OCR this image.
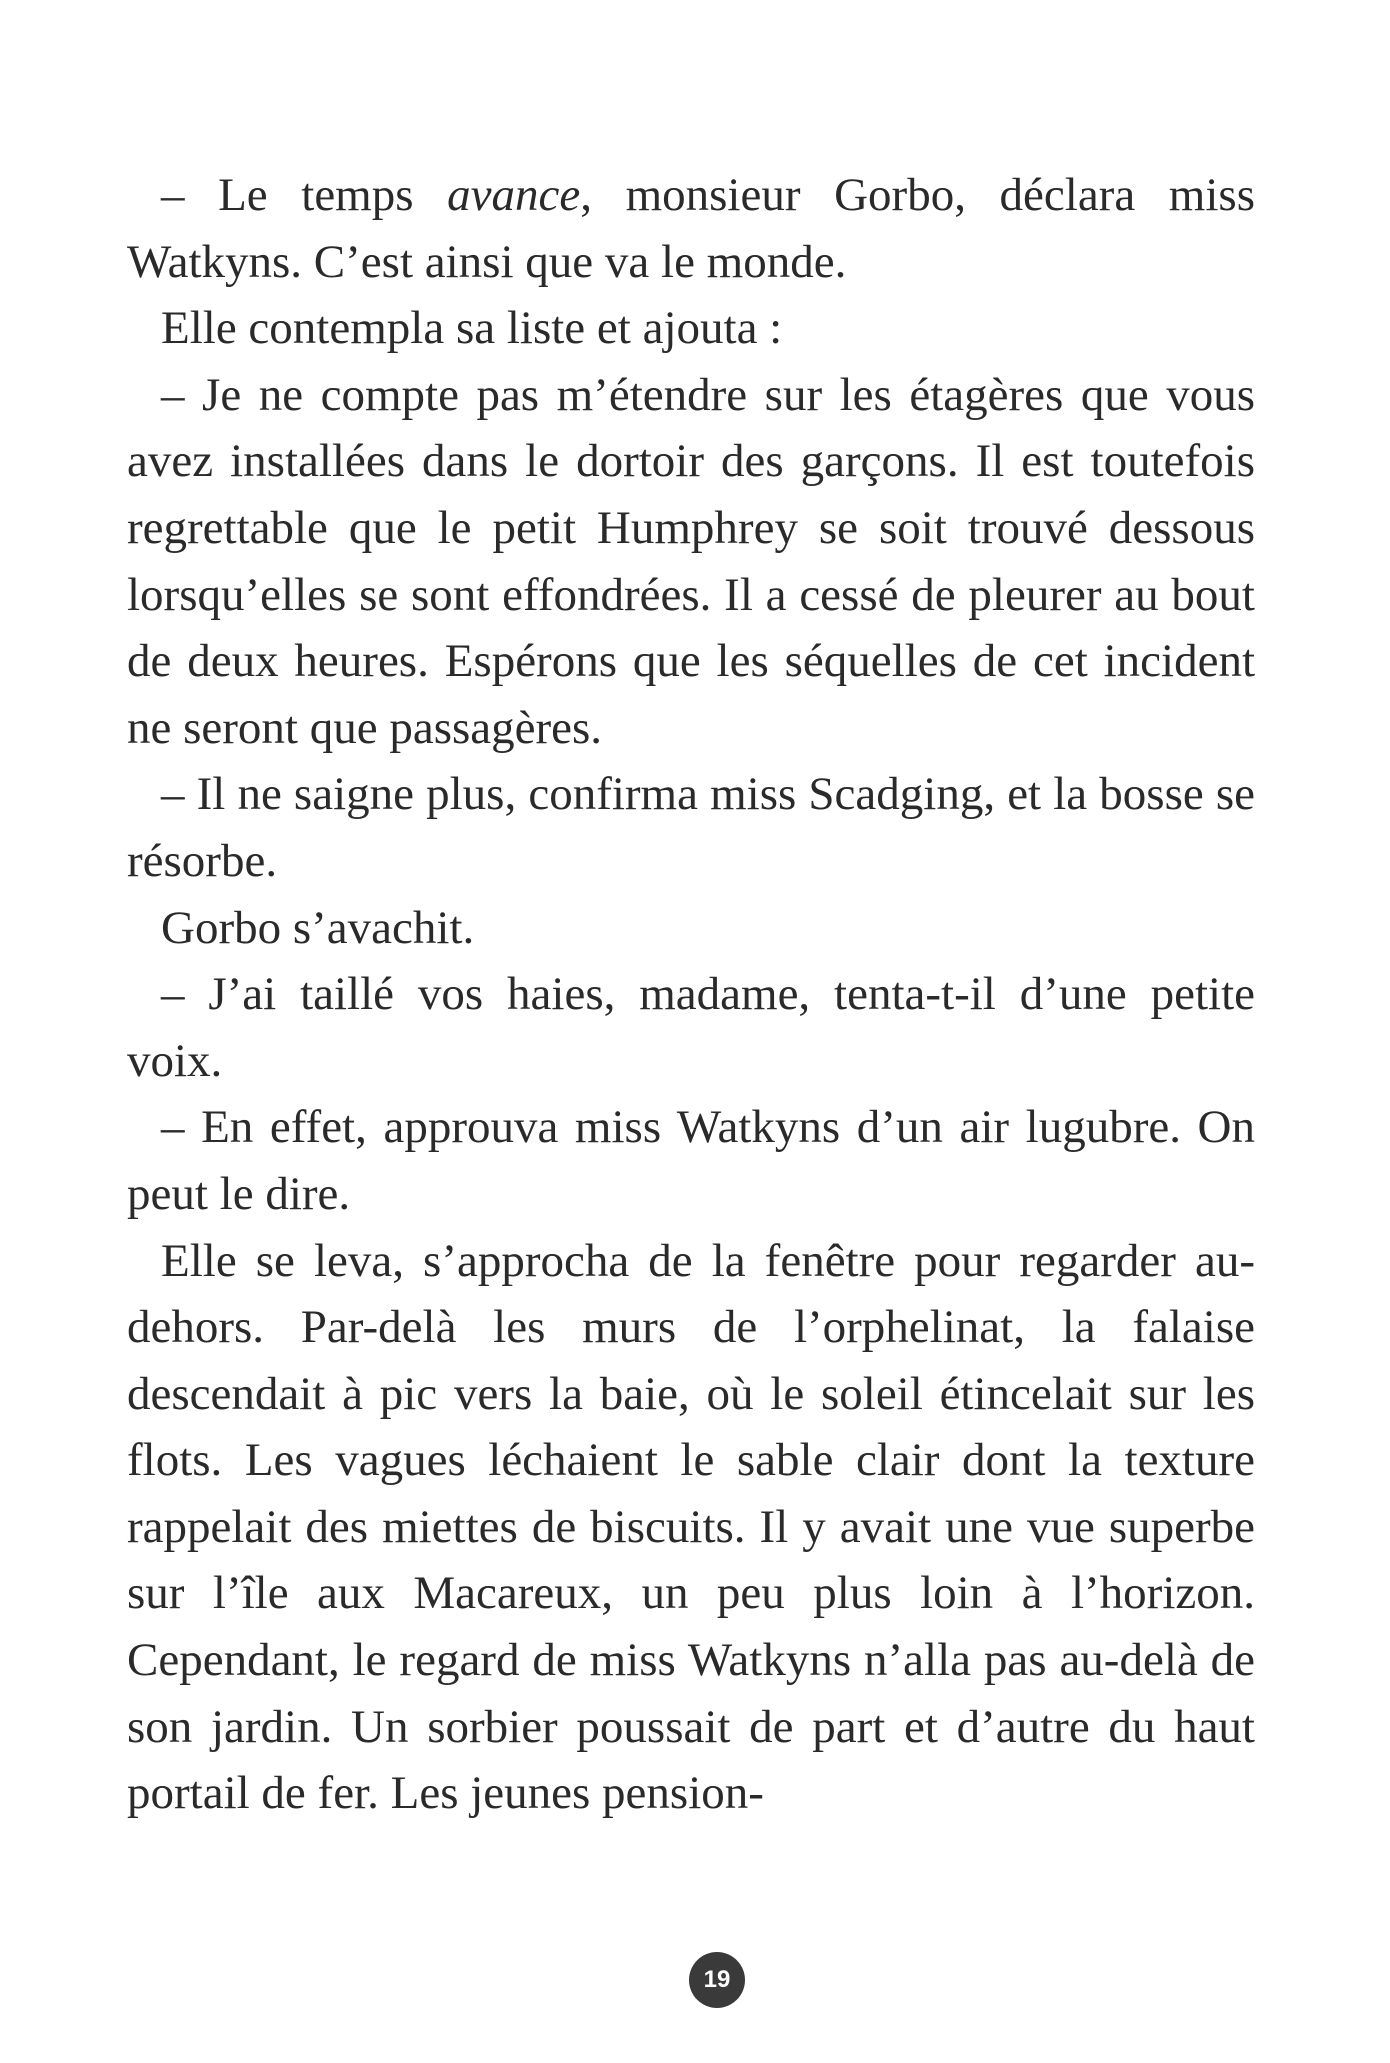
– Le temps avance, monsieur Gorbo, déclara miss Watkyns. C’est ainsi que va le monde.

Elle contempla sa liste et ajouta :

– Je ne compte pas m’étendre sur les étagères que vous avez installées dans le dortoir des garçons. Il est toutefois regrettable que le petit Humphrey se soit trouvé dessous lorsqu’elles se sont effondrées. Il a cessé de pleurer au bout de deux heures. Espérons que les séquelles de cet incident ne seront que passagères.

– Il ne saigne plus, confirma miss Scadging, et la bosse se résorbe.

Gorbo s’avachit.

– J’ai taillé vos haies, madame, tenta-t-il d’une petite voix.

– En effet, approuva miss Watkyns d’un air lugubre. On peut le dire.

Elle se leva, s’approcha de la fenêtre pour regarder au-dehors. Par-delà les murs de l’orphelinat, la falaise descendait à pic vers la baie, où le soleil étincelait sur les flots. Les vagues léchaient le sable clair dont la texture rappelait des miettes de biscuits. Il y avait une vue superbe sur l’île aux Macareux, un peu plus loin à l’horizon. Cependant, le regard de miss Watkyns n’alla pas au-delà de son jardin. Un sorbier poussait de part et d’autre du haut portail de fer. Les jeunes pension-

19
